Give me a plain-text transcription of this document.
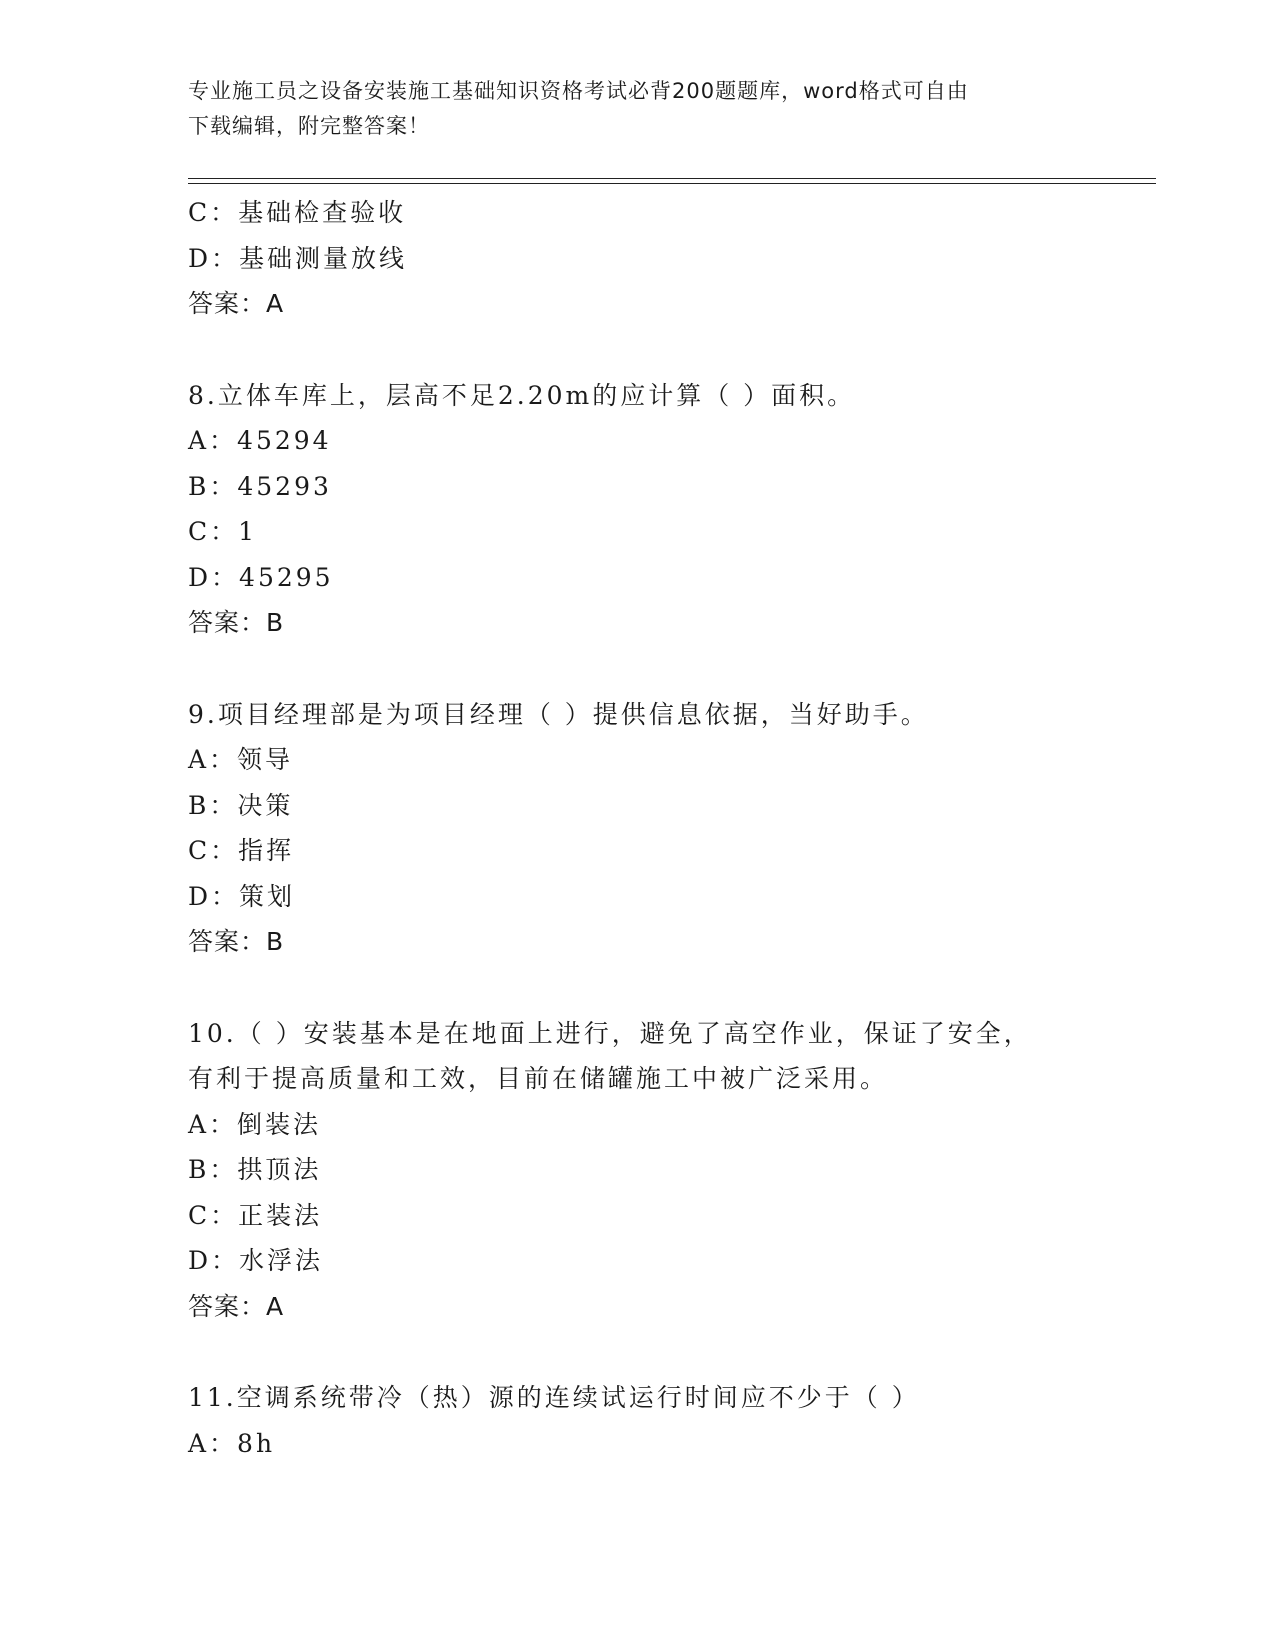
专业施工员之设备安装施工基础知识资格考试必背200题题库，word格式可自由
下载编辑，附完整答案！
C：基础检查验收
D：基础测量放线
答案：A
8.立体车库上，层高不足2.20m的应计算（ ）面积。
A：45294
B：45293
C：1
D：45295
答案：B
9.项目经理部是为项目经理（ ）提供信息依据，当好助手。
A：领导
B：决策
C：指挥
D：策划
答案：B
10.（ ）安装基本是在地面上进行，避免了高空作业，保证了安全，
有利于提高质量和工效，目前在储罐施工中被广泛采用。
A：倒装法
B：拱顶法
C：正装法
D：水浮法
答案：A
11.空调系统带冷（热）源的连续试运行时间应不少于（ ）
A：8h
